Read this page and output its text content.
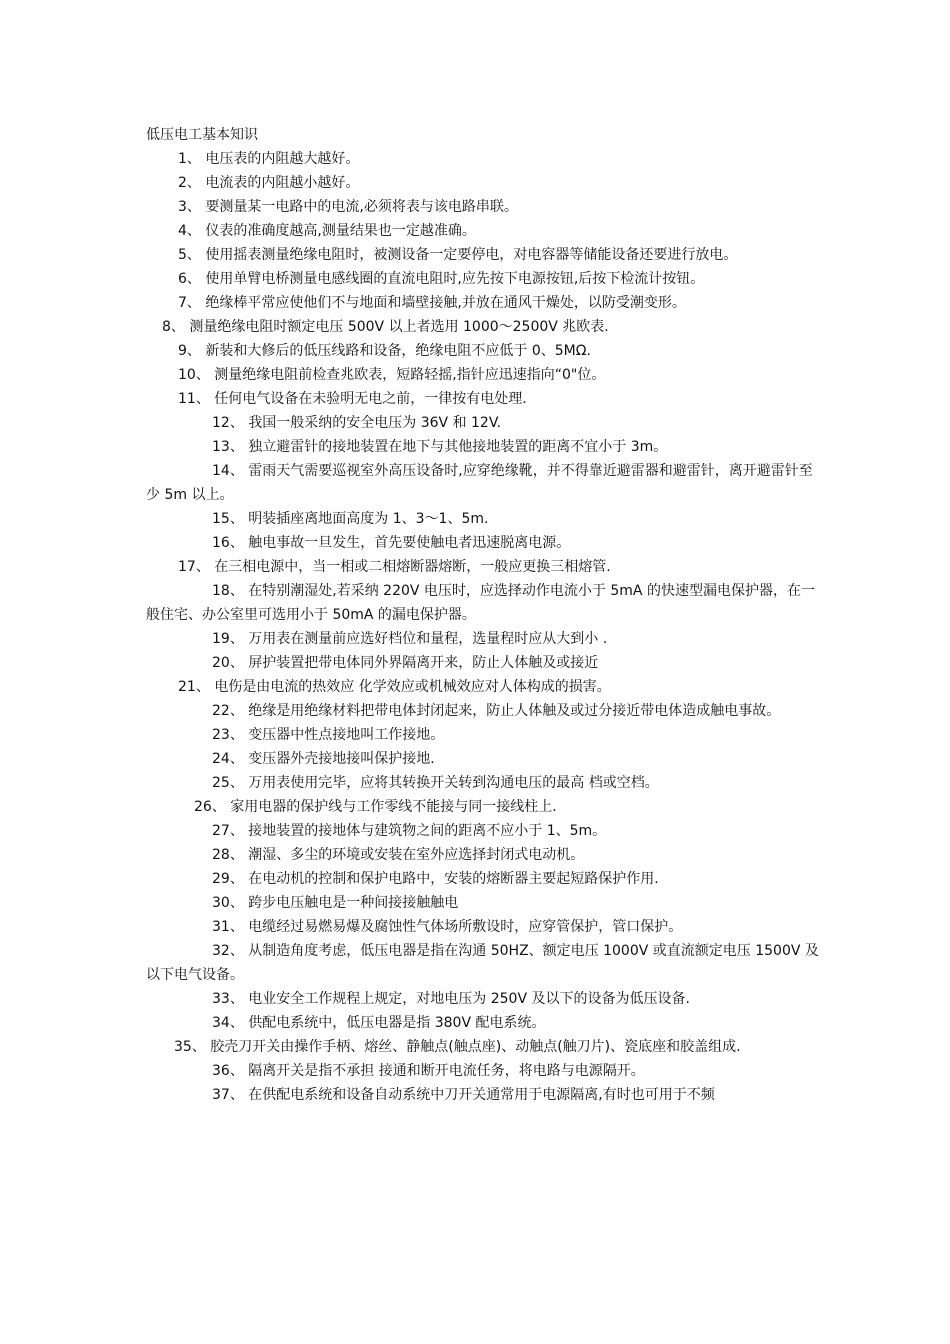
低压电工基本知识

1、 电压表的内阻越大越好。

2、 电流表的内阻越小越好。

3、 要测量某一电路中的电流,必须将表与该电路串联。

4、 仪表的准确度越高,测量结果也一定越准确。

5、 使用摇表测量绝缘电阻时，被测设备一定要停电，对电容器等储能设备还要进行放电。

6、 使用单臂电桥测量电感线圈的直流电阻时,应先按下电源按钮,后按下检流计按钮。

7、 绝缘棒平常应使他们不与地面和墙壁接触,并放在通风干燥处，以防受潮变形。

8、 测量绝缘电阻时额定电压 500V 以上者选用 1000～2500V 兆欧表.

9、 新装和大修后的低压线路和设备，绝缘电阻不应低于 0、5MΩ.

10、 测量绝缘电阻前检查兆欧表，短路轻摇,指针应迅速指向“0"位。

11、 任何电气设备在未验明无电之前，一律按有电处理.

12、 我国一般采纳的安全电压为 36V 和 12V.

13、 独立避雷针的接地装置在地下与其他接地装置的距离不宜小于 3m。

14、 雷雨天气需要巡视室外高压设备时,应穿绝缘靴，并不得靠近避雷器和避雷针，离开避雷针至少 5m 以上。

15、 明装插座离地面高度为 1、3～1、5m.

16、 触电事故一旦发生，首先要使触电者迅速脱离电源。

17、 在三相电源中，当一相或二相熔断器熔断，一般应更换三相熔管.

18、 在特别潮湿处,若采纳 220V 电压时，应选择动作电流小于 5mA 的快速型漏电保护器，在一般住宅、办公室里可选用小于 50mA 的漏电保护器。

19、 万用表在测量前应选好档位和量程，选量程时应从大到小 .

20、 屏护装置把带电体同外界隔离开来，防止人体触及或接近

21、 电伤是由电流的热效应 化学效应或机械效应对人体构成的损害。

22、 绝缘是用绝缘材料把带电体封闭起来，防止人体触及或过分接近带电体造成触电事故。

23、 变压器中性点接地叫工作接地。

24、 变压器外壳接地接叫保护接地.

25、 万用表使用完毕，应将其转换开关转到沟通电压的最高 档或空档。

26、 家用电器的保护线与工作零线不能接与同一接线柱上.

27、 接地装置的接地体与建筑物之间的距离不应小于 1、5m。

28、 潮湿、多尘的环境或安装在室外应选择封闭式电动机。

29、 在电动机的控制和保护电路中，安装的熔断器主要起短路保护作用.

30、 跨步电压触电是一种间接接触触电

31、 电缆经过易燃易爆及腐蚀性气体场所敷设时，应穿管保护，管口保护。

32、 从制造角度考虑，低压电器是指在沟通 50HZ、额定电压 1000V 或直流额定电压 1500V 及以下电气设备。

33、 电业安全工作规程上规定，对地电压为 250V 及以下的设备为低压设备.

34、 供配电系统中，低压电器是指 380V 配电系统。

35、 胶壳刀开关由操作手柄、熔丝、静触点(触点座)、动触点(触刀片)、瓷底座和胶盖组成.

36、 隔离开关是指不承担 接通和断开电流任务，将电路与电源隔开。

37、 在供配电系统和设备自动系统中刀开关通常用于电源隔离,有时也可用于不频
